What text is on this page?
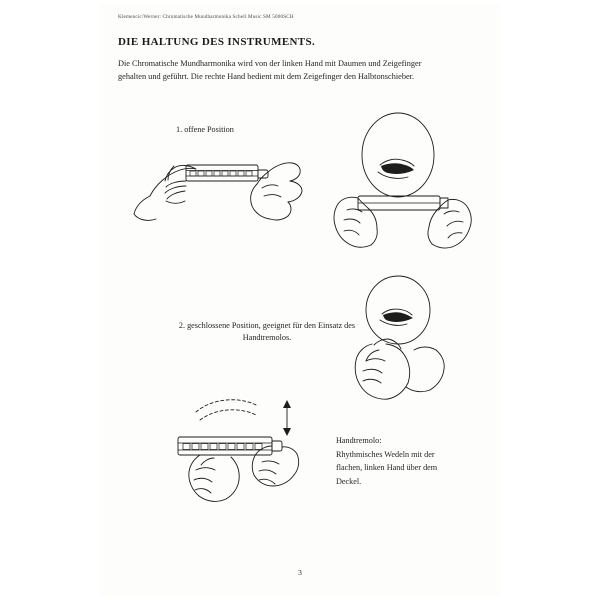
Klemencic/Werner: Chromatische Mundharmonika Schell Music SM 5000SCH
DIE HALTUNG DES INSTRUMENTS.
Die Chromatische Mundharmonika wird von der linken Hand mit Daumen und Zeigefinger gehalten und geführt. Die rechte Hand bedient mit dem Zeigefinger den Halbtonschieber.
1. offene Position
2. geschlossene Position, geeignet für den Einsatz des Handtremolos.
Handtremolo:
Rhythmisches Wedeln mit der flachen, linken Hand über dem Deckel.
3
